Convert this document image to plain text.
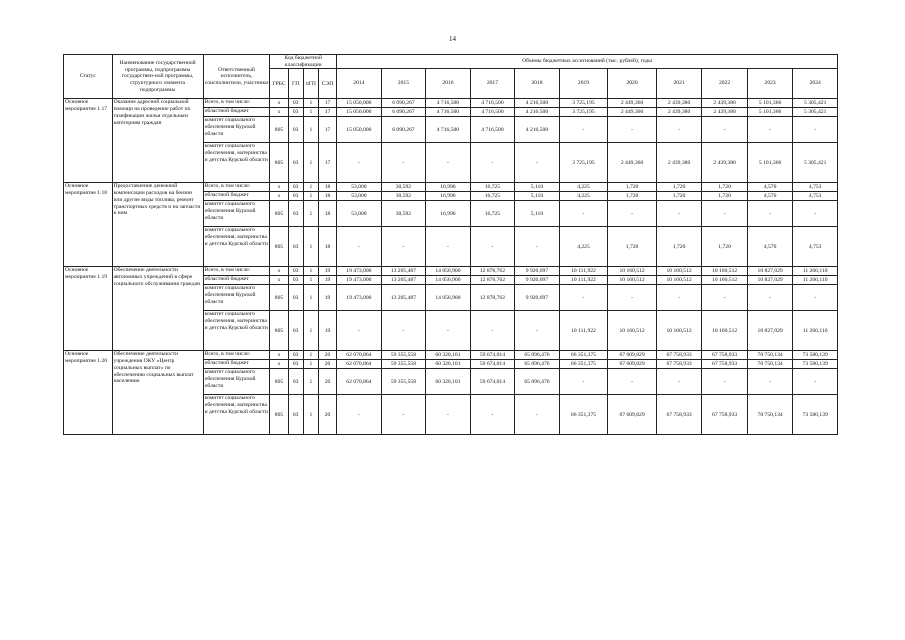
14
Статус	Наименование государственной программы, подпрограммы государствен-ной программы, структурного элемента подпрограммы	Ответственный исполнитель, соисполнители, участники	Код бюджетной классификации				Объемы бюджетных ассигнований (тыс. рублей), годы										
							2014	2015	2016	2017	2018	2019	2020	2021	2022	2023	2024
			ГРБС	ГП	пГП	СЭП											
Основное мероприятие 1.17	Оказание адресной социальной помощи на проведение работ по газификации жилья отдельным категориям граждан	Всего, в том числе:	x	03	1	17	15 050,000	6 090,267	4 716,500	4 716,500	4 216,500	3 725,195	2 449,360	2 439,380	2 439,380	5 101,366	5 305,421
		областной бюджет	x	03	1	17	15 050,000	6 090,267	4 716,500	4 716,500	4 216,500	3 725,195	2 449,360	2 439,380	2 439,380	5 101,366	5 305,421
		комитет социального обеспечения Курской области	805	03	1	17	15 050,000	6 090,267	4 716,500	4 716,500	4 216,500	-	-	-	-	-	-
		комитет социального обеспечения, материнства и детства Курской области	805	03	1	17	-	-	-	-	-	3 725,195	2 449,360	2 439,380	2 439,380	5 101,366	5 305,421
Основное мероприятие 1.18	Предоставление денежной компенсации расходов на бензин или другие виды топлива, ремонт транспортных средств и на запчасти к ним	Всего, в том числе:	x	03	1	18	53,000	30,592	16,996	16,725	5,110	4,225	1,720	1,720	1,720	4,570	4,753
		областной бюджет	x	03	1	18	53,000	30,592	16,996	16,725	5,110	4,225	1,720	1,720	1,720	4,570	4,753
		комитет социального обеспечения Курской области	805	03	1	18	53,000	30,592	16,996	16,725	5,110	-	-	-	-	-	-
		комитет социального обеспечения, материнства и детства Курской области	805	03	1	18	-	-	-	-	-	4,225	1,720	1,720	1,720	4,570	4,753
Основное мероприятие 1.19	Обеспечение деятельности автономных учреждений в сфере социального обслуживания граждан	Всего, в том числе:	x	03	1	19	19 473,000	13 205,487	14 056,900	12 878,762	9 920,697	10 111,922	10 160,512	10 160,512	10 160,512	10 827,029	11 260,110
		областной бюджет	x	03	1	19	19 473,000	13 205,487	14 056,900	12 878,762	9 920,697	10 111,922	10 160,512	10 160,512	10 160,512	10 827,029	11 260,110
		комитет социального обеспечения Курской области	805	03	1	19	19 473,000	13 205,487	14 056,900	12 878,762	9 920,697	-	-	-	-	-	-
		комитет социального обеспечения, материнства и детства Курской области	805	03	1	19	-	-	-	-	-	10 111,922	10 160,512	10 160,512	10 160,512	10 827,029	11 260,110
Основное мероприятие 1.20	Обеспечение деятельности учреждения ОКУ «Центр социальных выплат» по обеспечению социальных выплат населению	Всего, в том числе:	x	03	1	20	62 070,864	59 355,558	60 320,101	59 674,014	65 096,476	66 351,375	67 609,829	67 758,933	67 758,933	70 750,134	73 580,139
		областной бюджет	x	03	1	20	62 070,864	59 355,558	60 320,101	59 674,014	65 096,476	66 351,375	67 609,829	67 758,933	67 758,933	70 750,134	73 580,139
		комитет социального обеспечения Курской области	805	03	1	20	62 070,864	59 355,558	60 320,101	59 674,014	65 096,476	-	-	-	-	-	-
		комитет социального обеспечения, материнства и детства Курской области	805	03	1	20	-	-	-	-	-	66 351,375	67 609,829	67 758,933	67 758,933	70 750,134	73 580,139
